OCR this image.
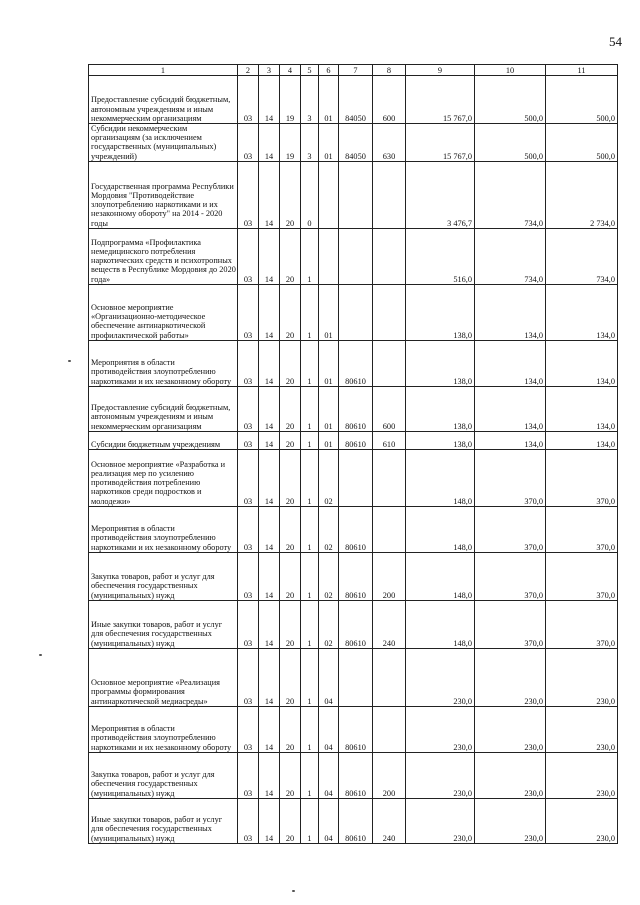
54
1	2	3	4	5	6	7	8	9	10	11
Предоставление субсидий бюджетным, автономным учреждениям и иным некоммерческим организациям	03	14	19	3	01	84050	600	15 767,0	500,0	500,0
Субсидии некоммерческим организациям (за исключением государственных (муниципальных) учреждений)	03	14	19	3	01	84050	630	15 767,0	500,0	500,0
Государственная программа Республики Мордовия "Противодействие злоупотреблению наркотиками и их незаконному обороту" на 2014 - 2020 годы	03	14	20	0				3 476,7	734,0	2 734,0
Подпрограмма «Профилактика немедицинского потребления наркотических средств и психотропных веществ в Республике Мордовия до 2020 года»	03	14	20	1				516,0	734,0	734,0
Основное мероприятие «Организационно-методическое обеспечение антинаркотической профилактической работы»	03	14	20	1	01			138,0	134,0	134,0
Мероприятия в области противодействия злоупотреблению наркотиками и их незаконному обороту	03	14	20	1	01	80610		138,0	134,0	134,0
Предоставление субсидий бюджетным, автономным учреждениям и иным некоммерческим организациям	03	14	20	1	01	80610	600	138,0	134,0	134,0
Субсидии бюджетным учреждениям	03	14	20	1	01	80610	610	138,0	134,0	134,0
Основное мероприятие «Разработка и реализация мер по усилению противодействия потреблению наркотиков среди подростков и молодежи»	03	14	20	1	02			148,0	370,0	370,0
Мероприятия в области противодействия злоупотреблению наркотиками и их незаконному обороту	03	14	20	1	02	80610		148,0	370,0	370,0
Закупка товаров, работ и услуг для обеспечения государственных (муниципальных) нужд	03	14	20	1	02	80610	200	148,0	370,0	370,0
Иные закупки товаров, работ и услуг для обеспечения государственных (муниципальных) нужд	03	14	20	1	02	80610	240	148,0	370,0	370,0
Основное мероприятие «Реализация программы формирования антинаркотической медиасреды»	03	14	20	1	04			230,0	230,0	230,0
Мероприятия в области противодействия злоупотреблению наркотиками и их незаконному обороту	03	14	20	1	04	80610		230,0	230,0	230,0
Закупка товаров, работ и услуг для обеспечения государственных (муниципальных) нужд	03	14	20	1	04	80610	200	230,0	230,0	230,0
Иные закупки товаров, работ и услуг для обеспечения государственных (муниципальных) нужд	03	14	20	1	04	80610	240	230,0	230,0	230,0
